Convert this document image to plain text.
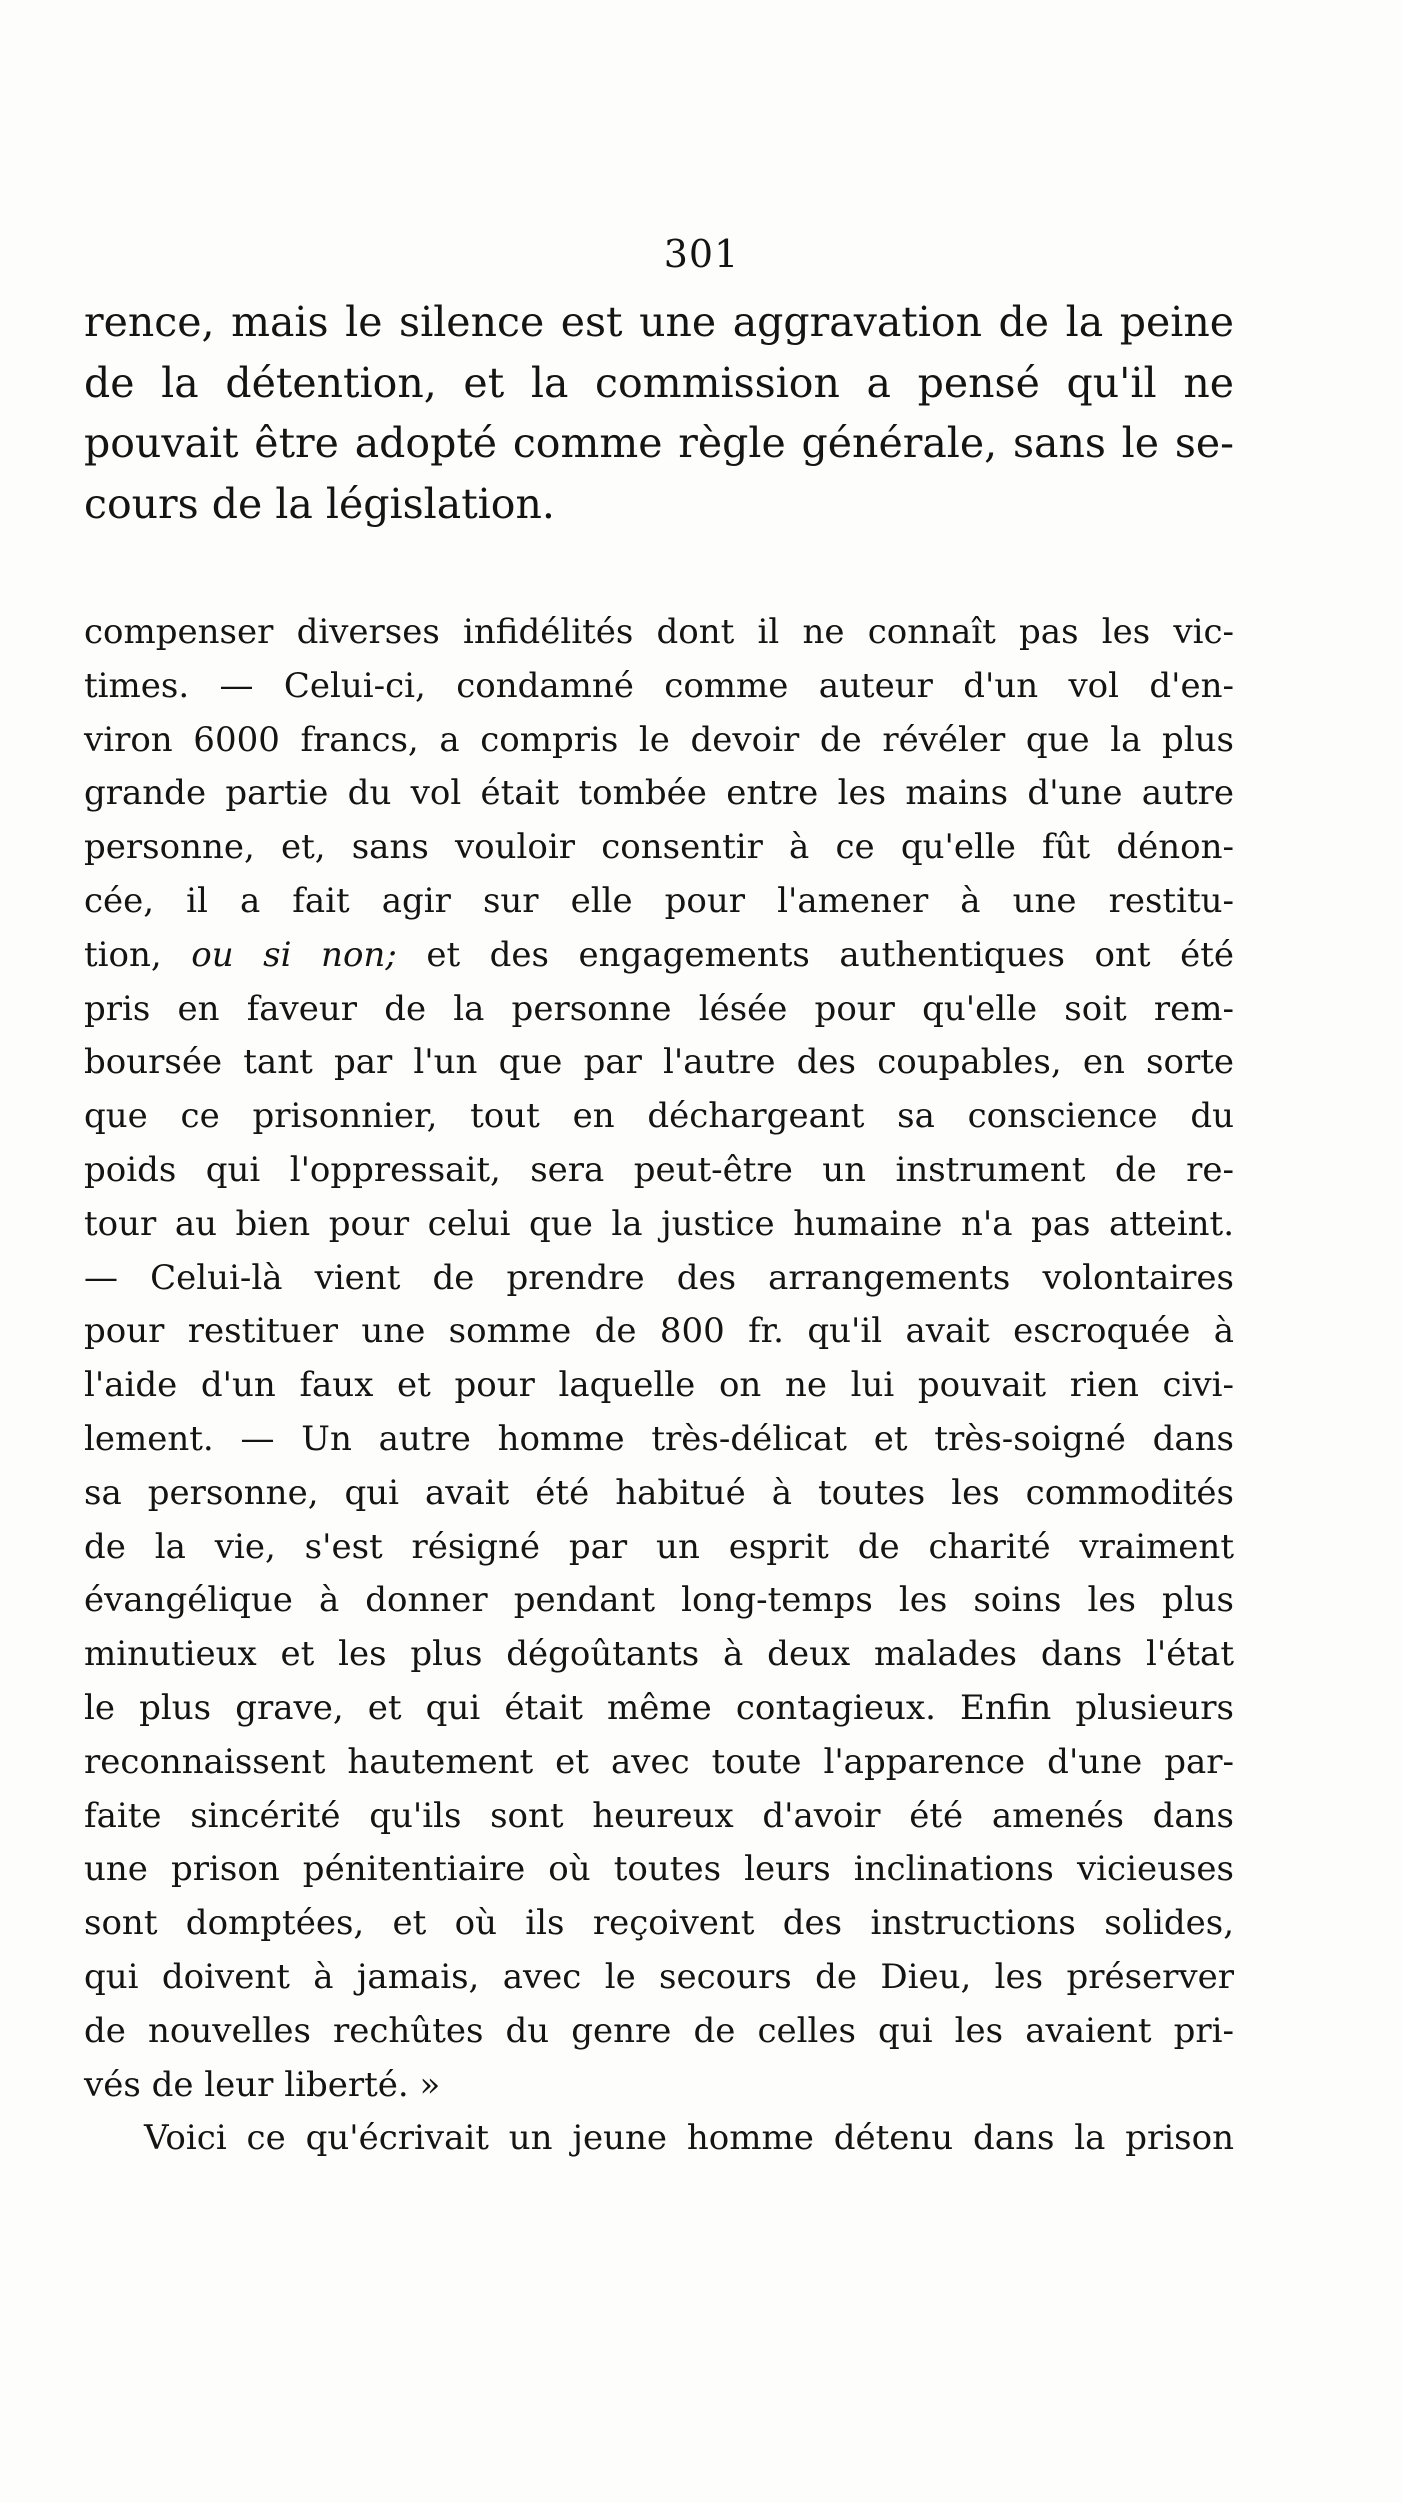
301
rence, mais le silence est une aggravation de la peine
de la détention, et la commission a pensé qu'il ne
pouvait être adopté comme règle générale, sans le se-
cours de la législation.
compenser diverses infidélités dont il ne connaît pas les vic-
times. — Celui-ci, condamné comme auteur d'un vol d'en-
viron 6000 francs, a compris le devoir de révéler que la plus
grande partie du vol était tombée entre les mains d'une autre
personne, et, sans vouloir consentir à ce qu'elle fût dénon-
cée, il a fait agir sur elle pour l'amener à une restitu-
tion, ou si non; et des engagements authentiques ont été
pris en faveur de la personne lésée pour qu'elle soit rem-
boursée tant par l'un que par l'autre des coupables, en sorte
que ce prisonnier, tout en déchargeant sa conscience du
poids qui l'oppressait, sera peut-être un instrument de re-
tour au bien pour celui que la justice humaine n'a pas atteint.
— Celui-là vient de prendre des arrangements volontaires
pour restituer une somme de 800 fr. qu'il avait escroquée à
l'aide d'un faux et pour laquelle on ne lui pouvait rien civi-
lement. — Un autre homme très-délicat et très-soigné dans
sa personne, qui avait été habitué à toutes les commodités
de la vie, s'est résigné par un esprit de charité vraiment
évangélique à donner pendant long-temps les soins les plus
minutieux et les plus dégoûtants à deux malades dans l'état
le plus grave, et qui était même contagieux. Enfin plusieurs
reconnaissent hautement et avec toute l'apparence d'une par-
faite sincérité qu'ils sont heureux d'avoir été amenés dans
une prison pénitentiaire où toutes leurs inclinations vicieuses
sont domptées, et où ils reçoivent des instructions solides,
qui doivent à jamais, avec le secours de Dieu, les préserver
de nouvelles rechûtes du genre de celles qui les avaient pri-
vés de leur liberté. »
Voici ce qu'écrivait un jeune homme détenu dans la prison
